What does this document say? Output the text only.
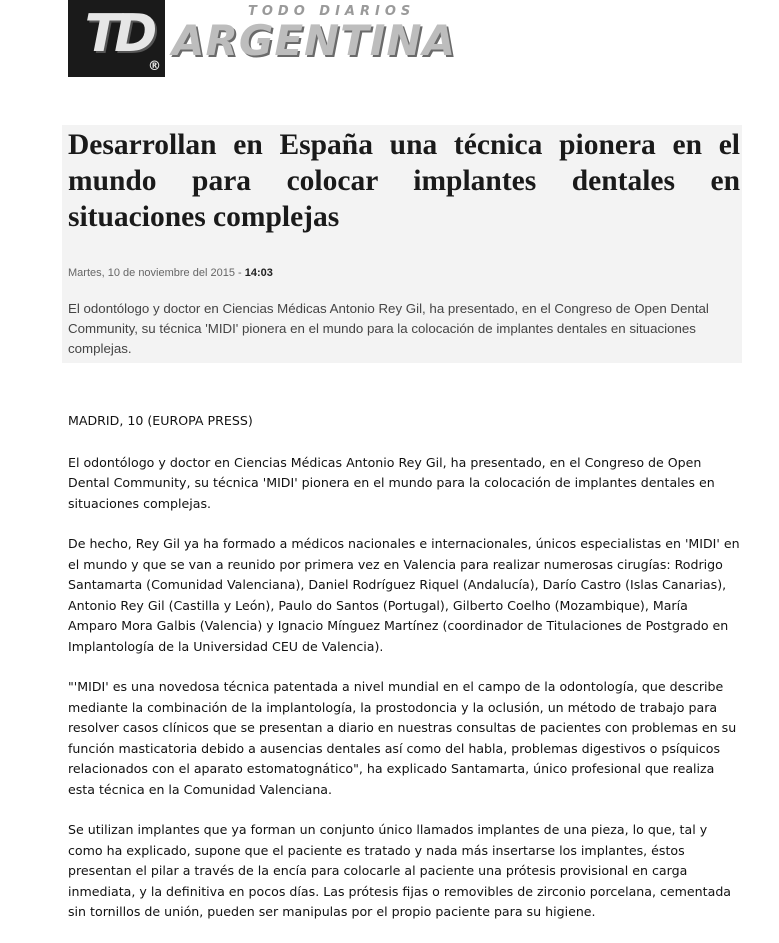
TD
®
TODO DIARIOS
ARGENTINA
Desarrollan en España una técnica pionera en el mundo para colocar implantes dentales en situaciones complejas
Martes, 10 de noviembre del 2015 - 14:03

El odontólogo y doctor en Ciencias Médicas Antonio Rey Gil, ha presentado, en el Congreso de Open Dental Community, su técnica 'MIDI' pionera en el mundo para la colocación de implantes dentales en situaciones complejas.

MADRID, 10 (EUROPA PRESS)

El odontólogo y doctor en Ciencias Médicas Antonio Rey Gil, ha presentado, en el Congreso de Open Dental Community, su técnica 'MIDI' pionera en el mundo para la colocación de implantes dentales en situaciones complejas.

De hecho, Rey Gil ya ha formado a médicos nacionales e internacionales, únicos especialistas en 'MIDI' en el mundo y que se van a reunido por primera vez en Valencia para realizar numerosas cirugías: Rodrigo Santamarta (Comunidad Valenciana), Daniel Rodríguez Riquel (Andalucía), Darío Castro (Islas Canarias), Antonio Rey Gil (Castilla y León), Paulo do Santos (Portugal), Gilberto Coelho (Mozambique), María Amparo Mora Galbis (Valencia) y Ignacio Mínguez Martínez (coordinador de Titulaciones de Postgrado en Implantología de la Universidad CEU de Valencia).

"'MIDI' es una novedosa técnica patentada a nivel mundial en el campo de la odontología, que describe mediante la combinación de la implantología, la prostodoncia y la oclusión, un método de trabajo para resolver casos clínicos que se presentan a diario en nuestras consultas de pacientes con problemas en su función masticatoria debido a ausencias dentales así como del habla, problemas digestivos o psíquicos relacionados con el aparato estomatognático", ha explicado Santamarta, único profesional que realiza esta técnica en la Comunidad Valenciana.

Se utilizan implantes que ya forman un conjunto único llamados implantes de una pieza, lo que, tal y como ha explicado, supone que el paciente es tratado y nada más insertarse los implantes, éstos presentan el pilar a través de la encía para colocarle al paciente una prótesis provisional en carga inmediata, y la definitiva en pocos días. Las prótesis fijas o removibles de zirconio porcelana, cementada sin tornillos de unión, pueden ser manipulas por el propio paciente para su higiene.
